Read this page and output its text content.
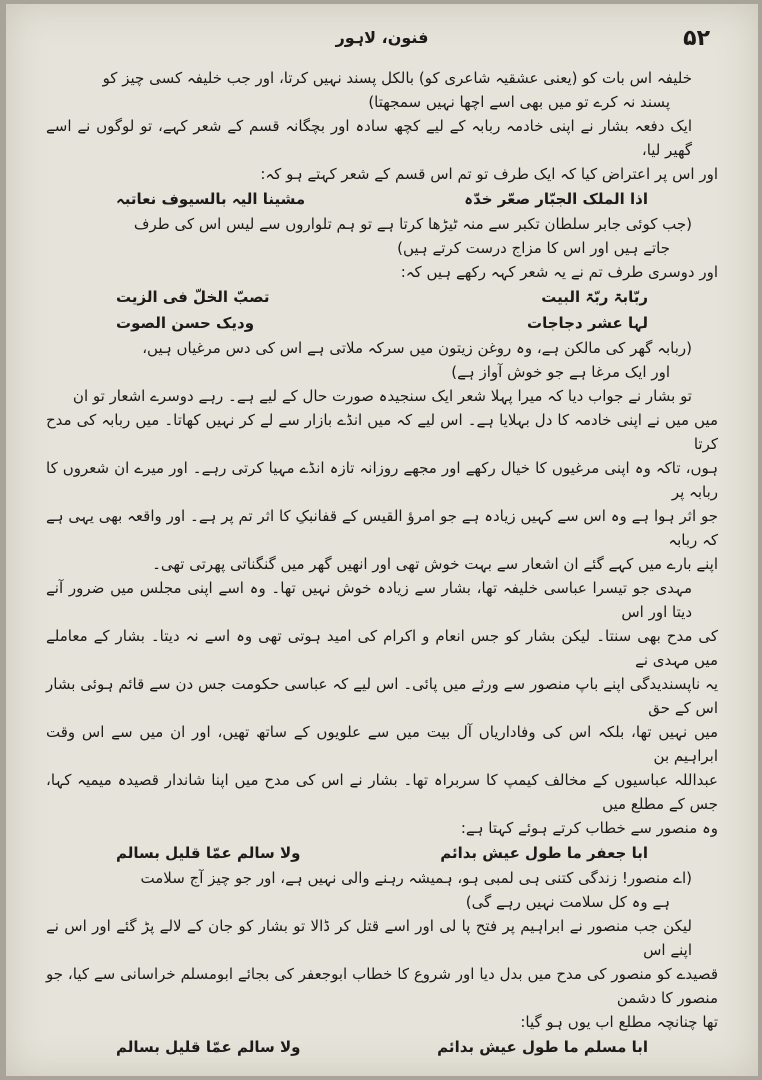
۵۲
فنون، لاہور

خلیفہ اس بات کو (یعنی عشقیہ شاعری کو) بالکل پسند نہیں کرتا، اور جب خلیفہ کسی چیز کو

پسند نہ کرے تو میں بھی اسے اچھا نہیں سمجھتا)

ایک دفعہ بشار نے اپنی خادمہ ربابہ کے لیے کچھ سادہ اور بچگانہ قسم کے شعر کہے، تو لوگوں نے اسے گھیر لیا،

اور اس پر اعتراض کیا کہ ایک طرف تو تم اس قسم کے شعر کہتے ہو کہ:

اذا الملک الجبّار صعّر خدّہ
مشینا الیہ بالسیوف نعاتبہ

(جب کوئی جابر سلطان تکبر سے منہ ٹیڑھا کرتا ہے تو ہم تلواروں سے لیس اس کی طرف

جاتے ہیں اور اس کا مزاج درست کرتے ہیں)

اور دوسری طرف تم نے یہ شعر کہہ رکھے ہیں کہ:

ربّابۃ ربّۃ البیت
تصبّ الخلّ فی الزیت
لہا عشر دجاجات
ودیک حسن الصوت

(ربابہ گھر کی مالکن ہے، وہ روغن زیتون میں سرکہ ملاتی ہے اس کی دس مرغیاں ہیں،

اور ایک مرغا ہے جو خوش آواز ہے)

تو بشار نے جواب دیا کہ میرا پہلا شعر ایک سنجیدہ صورت حال کے لیے ہے۔ رہے دوسرے اشعار تو ان

میں میں نے اپنی خادمہ کا دل بہلایا ہے۔ اس لیے کہ میں انڈے بازار سے لے کر نہیں کھاتا۔ میں ربابہ کی مدح کرتا

ہوں، تاکہ وہ اپنی مرغیوں کا خیال رکھے اور مجھے روزانہ تازہ انڈے مہیا کرتی رہے۔ اور میرے ان شعروں کا ربابہ پر

جو اثر ہوا ہے وہ اس سے کہیں زیادہ ہے جو امرؤ القیس کے قفانبکِ کا اثر تم پر ہے۔ اور واقعہ بھی یہی ہے کہ ربابہ

اپنے بارے میں کہے گئے ان اشعار سے بہت خوش تھی اور انھیں گھر میں گنگناتی پھرتی تھی۔

مہدی جو تیسرا عباسی خلیفہ تھا، بشار سے زیادہ خوش نہیں تھا۔ وہ اسے اپنی مجلس میں ضرور آنے دیتا اور اس

کی مدح بھی سنتا۔ لیکن بشار کو جس انعام و اکرام کی امید ہوتی تھی وہ اسے نہ دیتا۔ بشار کے معاملے میں مہدی نے

یہ ناپسندیدگی اپنے باپ منصور سے ورثے میں پائی۔ اس لیے کہ عباسی حکومت جس دن سے قائم ہوئی بشار اس کے حق

میں نہیں تھا، بلکہ اس کی وفاداریاں آل بیت میں سے علویوں کے ساتھ تھیں، اور ان میں سے اس وقت ابراہیم بن

عبداللہ عباسیوں کے مخالف کیمپ کا سربراہ تھا۔ بشار نے اس کی مدح میں اپنا شاندار قصیدہ میمیہ کہا، جس کے مطلع میں

وہ منصور سے خطاب کرتے ہوئے کہتا ہے:

ابا جعفر ما طول عیش بدائم
ولا سالم عمّا قلیل بسالم

(اے منصور! زندگی کتنی ہی لمبی ہو، ہمیشہ رہنے والی نہیں ہے، اور جو چیز آج سلامت

ہے وہ کل سلامت نہیں رہے گی)

لیکن جب منصور نے ابراہیم پر فتح پا لی اور اسے قتل کر ڈالا تو بشار کو جان کے لالے پڑ گئے اور اس نے اپنے اس

قصیدے کو منصور کی مدح میں بدل دیا اور شروع کا خطاب ابوجعفر کی بجائے ابومسلم خراسانی سے کیا، جو منصور کا دشمن

تھا چنانچہ مطلع اب یوں ہو گیا:

ابا مسلم ما طول عیش بدائم
ولا سالم عمّا قلیل بسالم
